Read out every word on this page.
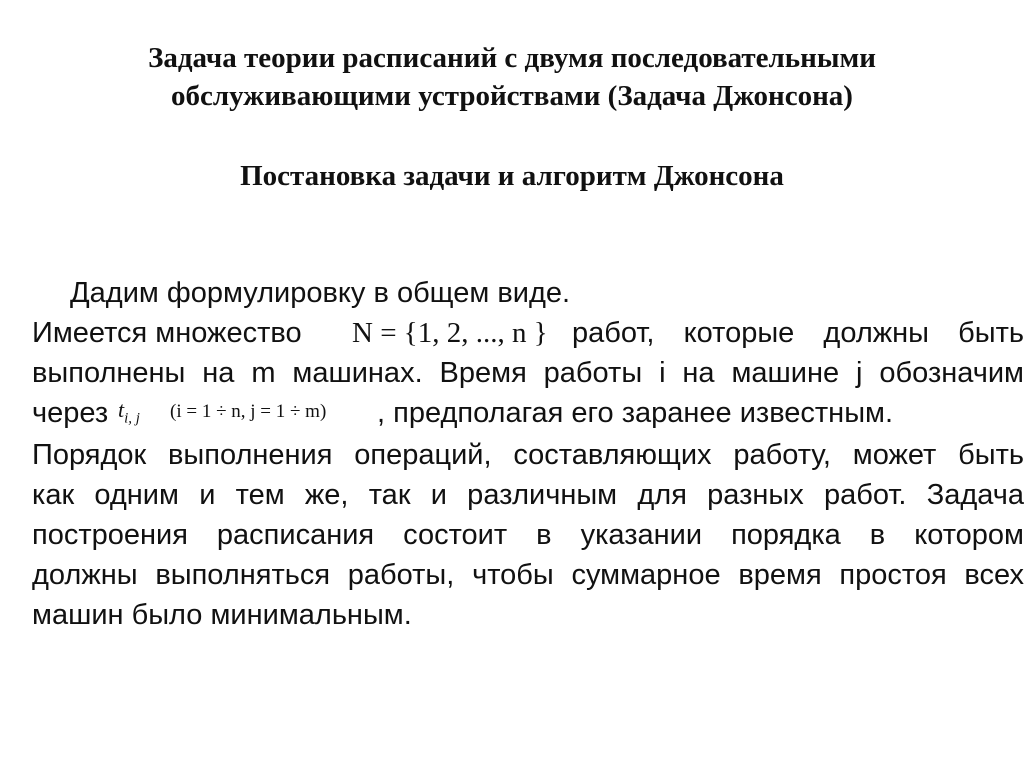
Задача теории расписаний с двумя последовательными
обслуживающими устройствами (Задача Джонсона)
Постановка задачи и алгоритм Джонсона
Дадим формулировку в общем виде.
Имеется множество N = {1, 2, ..., n } работ, которые должны быть
выполнены на m машинах. Время работы i на машине j обозначим
через $t_{i, j}$ (i = 1 ÷ n, j = 1 ÷ m) , предполагая его заранее известным.
Порядок выполнения операций, составляющих работу, может быть
как одним и тем же, так и различным для разных работ. Задача
построения расписания состоит в указании порядка в котором
должны выполняться работы, чтобы суммарное время простоя всех
машин было минимальным.
